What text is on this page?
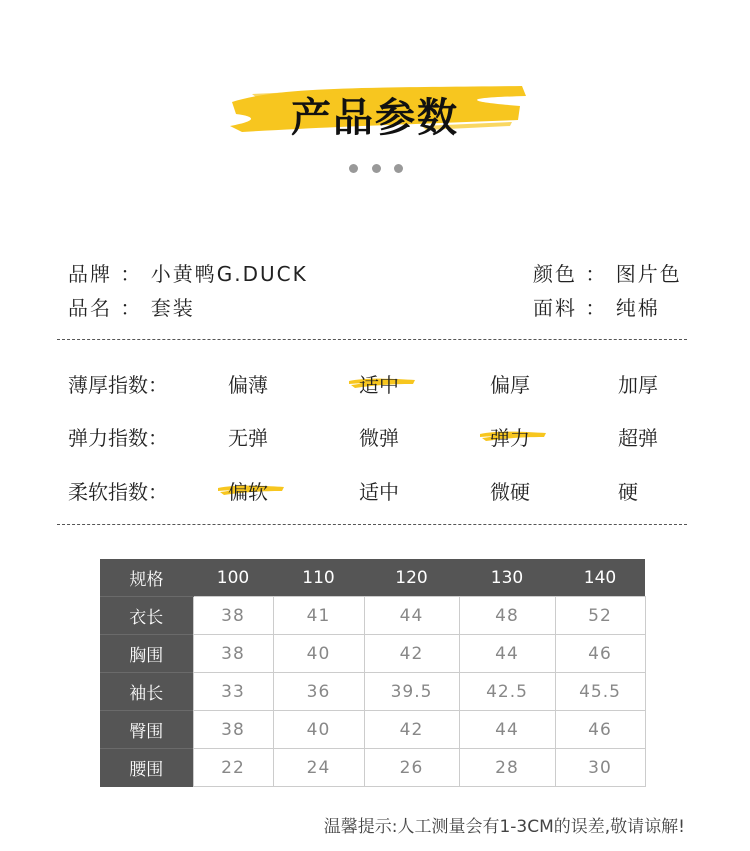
产品参数
品牌 ： 小黄鸭G.DUCK	颜色 ： 图片色
品名 ： 套装	面料 ： 纯棉
薄厚指数：	偏薄	适中	偏厚	加厚
弹力指数：	无弹	微弹	弹力	超弹
柔软指数：	偏软	适中	微硬	硬
规格	100	110	120	130	140
衣长	38	41	44	48	52
胸围	38	40	42	44	46
袖长	33	36	39.5	42.5	45.5
臀围	38	40	42	44	46
腰围	22	24	26	28	30
温馨提示:人工测量会有1-3CM的误差,敬请谅解!
